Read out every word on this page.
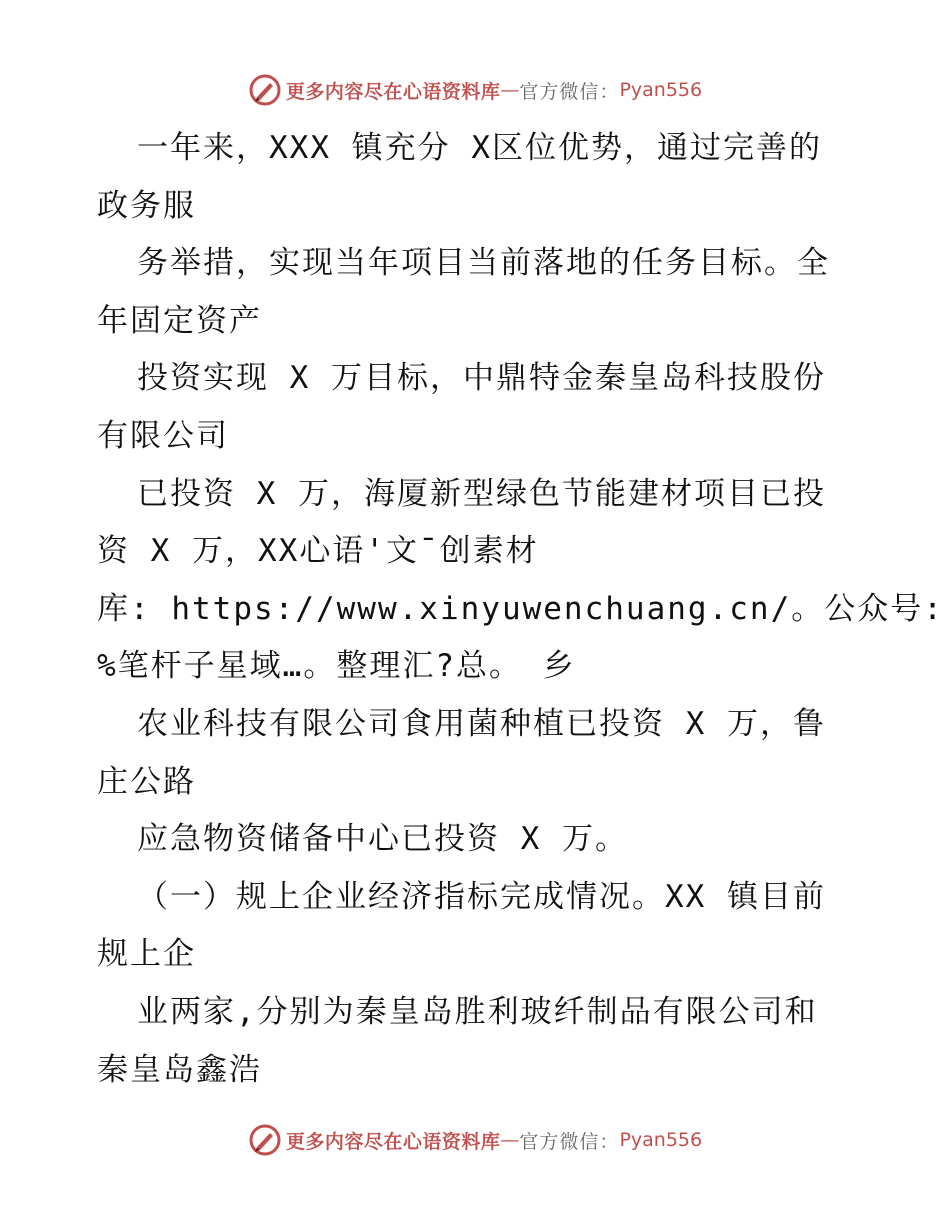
更多内容尽在心语资料库 — 官方微信： Pyan556
一年来，XXX 镇充分 X区位优势，通过完善的
政务服
务举措，实现当年项目当前落地的任务目标。全
年固定资产
投资实现 X 万目标，中鼎特金秦皇岛科技股份
有限公司
已投资 X 万，海厦新型绿色节能建材项目已投
资 X 万，XX心语'文¯创素材
库: https://www.xinyuwenchuang.cn/。公众号:
%笔杆子星域…。整理汇?总。 乡
农业科技有限公司食用菌种植已投资 X 万，鲁
庄公路
应急物资储备中心已投资 X 万。
（一）规上企业经济指标完成情况。XX 镇目前
规上企
业两家,分别为秦皇岛胜利玻纤制品有限公司和
秦皇岛鑫浩
更多内容尽在心语资料库 — 官方微信： Pyan556
